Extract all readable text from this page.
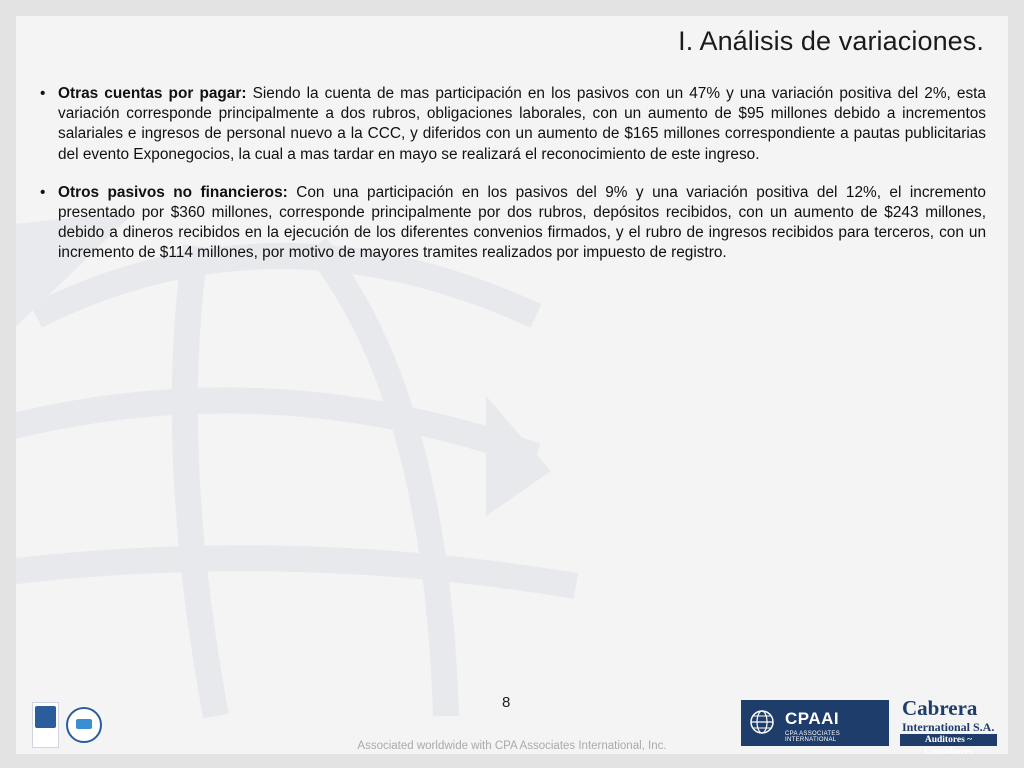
I. Análisis de variaciones.
• Otras cuentas por pagar: Siendo la cuenta de mas participación en los pasivos con un 47% y una variación positiva del 2%, esta variación corresponde principalmente a dos rubros, obligaciones laborales, con un aumento de $95 millones debido a incrementos salariales e ingresos de personal nuevo a la CCC, y diferidos con un aumento de $165 millones correspondiente a pautas publicitarias del evento Exponegocios, la cual a mas tardar en mayo se realizará el reconocimiento de este ingreso.
• Otros pasivos no financieros: Con una participación en los pasivos del 9% y una variación positiva del 12%, el incremento presentado por $360 millones, corresponde principalmente por dos rubros, depósitos recibidos, con un aumento de $243 millones, debido a dineros recibidos en la ejecución de los diferentes convenios firmados, y el rubro de ingresos recibidos para terceros, con un incremento de $114 millones, por motivo de mayores tramites realizados por impuesto de registro.
8
Associated worldwide with CPA Associates International, Inc.
CPAAI
CPA ASSOCIATES INTERNATIONAL
Cabrera
International S.A.
Auditores ~ Consultores
